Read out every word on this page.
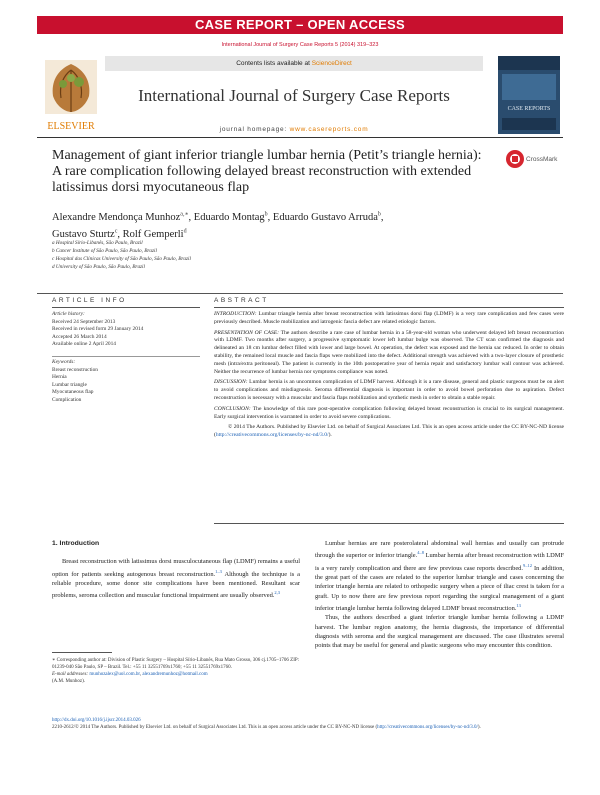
CASE REPORT – OPEN ACCESS
International Journal of Surgery Case Reports 5 (2014) 319–323
ELSEVIER
Contents lists available at ScienceDirect
International Journal of Surgery Case Reports
journal homepage: www.casereports.com
CASE REPORTS
Management of giant inferior triangle lumbar hernia (Petit’s triangle hernia): A rare complication following delayed breast reconstruction with extended latissimus dorsi myocutaneous flap
CrossMark
Alexandre Mendonça Munhoz$^{a,∗}$, Eduardo Montag$^b$, Eduardo Gustavo Arruda$^b$,
Gustavo Sturtz$^c$, Rolf Gemperli$^d$
a Hospital Sírio-Libanês, São Paulo, Brazil
b Cancer Institute of São Paulo, São Paulo, Brazil
c Hospital das Clínicas University of São Paulo, São Paulo, Brazil
d University of São Paulo, São Paulo, Brazil
ARTICLE INFO	ABSTRACT
Article history:
Received 24 September 2013
Received in revised form 29 January 2014
Accepted 26 March 2014
Available online 2 April 2014
Keywords:
Breast reconstruction
Hernia
Lumbar triangle
Myocutaneous flap
Complication

INTRODUCTION: Lumbar triangle hernia after breast reconstruction with latissimus dorsi flap (LDMF) is a very rare complication and few cases were previously described. Muscle mobilization and iatrogenic fascia defect are related etiologic factors.

PRESENTATION OF CASE: The authors describe a rare case of lumbar hernia in a 58-year-old woman who underwent delayed left breast reconstruction with LDMF. Two months after surgery, a progressive symptomatic lower left lumbar bulge was observed. The CT scan confirmed the diagnosis and delineated an 18 cm lumbar defect filled with lower and large bowel. At operation, the defect was exposed and the hernia sac reduced. In order to obtain stability, the remained local muscle and fascia flaps were mobilized into the defect. Additional strength was achieved with a two-layer closure of prosthetic mesh (intra/extra peritoneal). The patient is currently in the 10th postoperative year of hernia repair and satisfactory lumbar wall contour was achieved. Neither the recurrence of lumbar hernia nor symptoms compliance was noted.

DISCUSSION: Lumbar hernia is an uncommon complication of LDMF harvest. Although it is a rare disease, general and plastic surgeons must be on alert to avoid complications and misdiagnosis. Seroma differential diagnosis is important in order to avoid bowel perforation due to aspiration. Defect reconstruction is necessary with a muscular and fascia flaps mobilization and synthetic mesh in order to obtain a stable repair.

CONCLUSION: The knowledge of this rare post-operative complication following delayed breast reconstruction is crucial to its surgical management. Early surgical intervention is warranted in order to avoid severe complications.

© 2014 The Authors. Published by Elsevier Ltd. on behalf of Surgical Associates Ltd. This is an open access article under the CC BY-NC-ND license (http://creativecommons.org/licenses/by-nc-nd/3.0/).

1. Introduction

Breast reconstruction with latissimus dorsi musculocutaneous flap (LDMF) remains a useful option for patients seeking autogenous breast reconstruction.$^{1-3}$ Although the technique is a reliable procedure, some donor site complications have been mentioned. Resultant scar problems, seroma collection and muscular functional impairment are usually observed.$^{2,3}$

Lumbar hernias are rare posterolateral abdominal wall hernias and usually can protrude through the superior or inferior triangle.$^{4-8}$ Lumbar hernia after breast reconstruction with LDMF is a very rarely complication and there are few previous case reports described.$^{9-12}$ In addition, the great part of the cases are related to the superior lumbar triangle and cases concerning the inferior triangle hernia are related to orthopedic surgery when a piece of iliac crest is taken for a graft. Up to now there are few previous report regarding the surgical management of a giant inferior triangle lumbar hernia following delayed LDMF breast reconstruction.$^{13}$

Thus, the authors described a giant inferior triangle lumbar hernia following a LDMF harvest. The lumbar region anatomy, the hernia diagnosis, the importance of differential diagnosis with seroma and the surgical management are discussed. The case illustrates several points that may be useful for general and plastic surgeons who may encounter this condition.

∗ Corresponding author at: Division of Plastic Surgery – Hospital Sírio-Libanês, Rua Mato Grosso, 306 cj.1705–1706 ZIP: 01239-040 São Paulo, SP – Brazil. Tel.: +55 11 32551769x1760; +55 11 32551769x1760.
E-mail addresses: munhozalex@uol.com.br, alexandremunhoz@hotmail.com
(A.M. Munhoz).
http://dx.doi.org/10.1016/j.ijscr.2014.03.026
2210-2612/© 2014 The Authors. Published by Elsevier Ltd. on behalf of Surgical Associates Ltd. This is an open access article under the CC BY-NC-ND license (http://creativecommons.org/licenses/by-nc-nd/3.0/).
